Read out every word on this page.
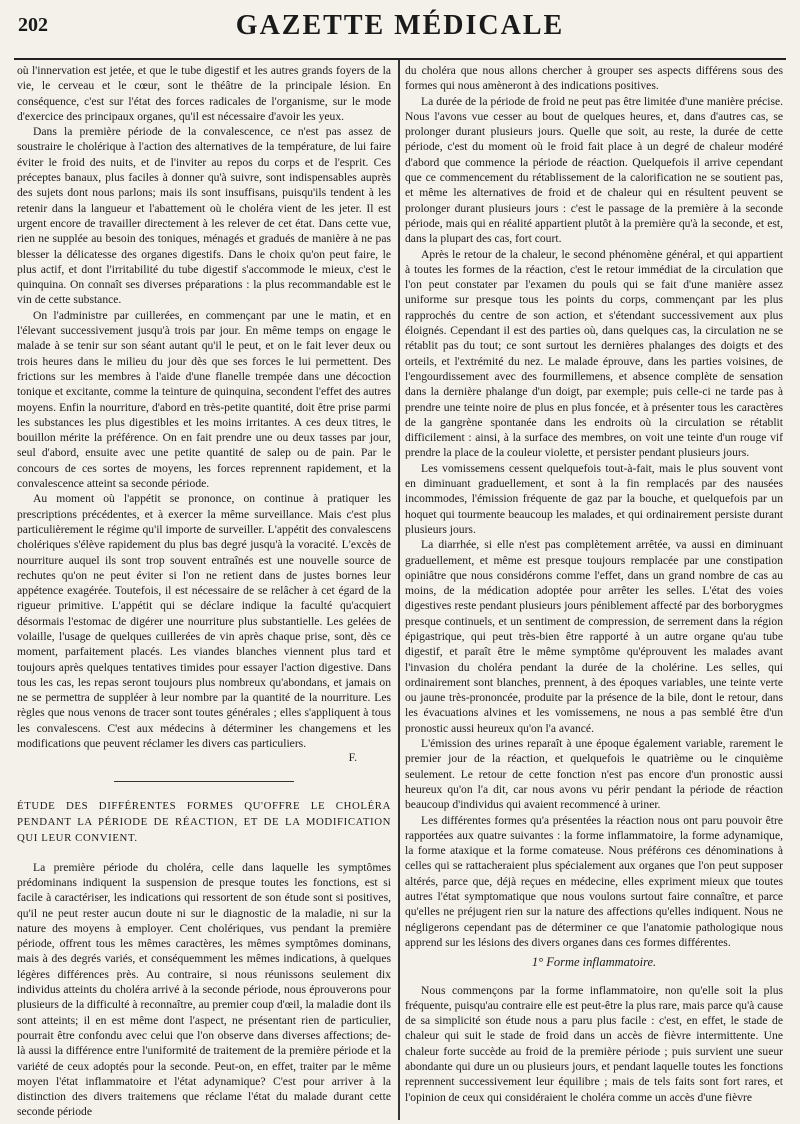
202	GAZETTE MÉDICALE

où l'innervation est jetée, et que le tube digestif et les autres grands foyers de la vie, le cerveau et le cœur, sont le théâtre de la principale lésion. En conséquence, c'est sur l'état des forces radicales de l'organisme, sur le mode d'exercice des principaux organes, qu'il est nécessaire d'avoir les yeux.

Dans la première période de la convalescence, ce n'est pas assez de soustraire le cholérique à l'action des alternatives de la température, de lui faire éviter le froid des nuits, et de l'inviter au repos du corps et de l'esprit. Ces préceptes banaux, plus faciles à donner qu'à suivre, sont indispensables auprès des sujets dont nous parlons; mais ils sont insuffisans, puisqu'ils tendent à les retenir dans la langueur et l'abattement où le choléra vient de les jeter. Il est urgent encore de travailler directement à les relever de cet état. Dans cette vue, rien ne supplée au besoin des toniques, ménagés et gradués de manière à ne pas blesser la délicatesse des organes digestifs. Dans le choix qu'on peut faire, le plus actif, et dont l'irritabilité du tube digestif s'accommode le mieux, c'est le quinquina. On connaît ses diverses préparations : la plus recommandable est le vin de cette substance.

On l'administre par cuillerées, en commençant par une le matin, et en l'élevant successivement jusqu'à trois par jour. En même temps on engage le malade à se tenir sur son séant autant qu'il le peut, et on le fait lever deux ou trois heures dans le milieu du jour dès que ses forces le lui permettent. Des frictions sur les membres à l'aide d'une flanelle trempée dans une décoction tonique et excitante, comme la teinture de quinquina, secondent l'effet des autres moyens. Enfin la nourriture, d'abord en très-petite quantité, doit être prise parmi les substances les plus digestibles et les moins irritantes. A ces deux titres, le bouillon mérite la préférence. On en fait prendre une ou deux tasses par jour, seul d'abord, ensuite avec une petite quantité de salep ou de pain. Par le concours de ces sortes de moyens, les forces reprennent rapidement, et la convalescence atteint sa seconde période.

Au moment où l'appétit se prononce, on continue à pratiquer les prescriptions précédentes, et à exercer la même surveillance. Mais c'est plus particulièrement le régime qu'il importe de surveiller. L'appétit des convalescens cholériques s'élève rapidement du plus bas degré jusqu'à la voracité. L'excès de nourriture auquel ils sont trop souvent entraînés est une nouvelle source de rechutes qu'on ne peut éviter si l'on ne retient dans de justes bornes leur appétence exagérée. Toutefois, il est nécessaire de se relâcher à cet égard de la rigueur primitive. L'appétit qui se déclare indique la faculté qu'acquiert désormais l'estomac de digérer une nourriture plus substantielle. Les gelées de volaille, l'usage de quelques cuillerées de vin après chaque prise, sont, dès ce moment, parfaitement placés. Les viandes blanches viennent plus tard et toujours après quelques tentatives timides pour essayer l'action digestive. Dans tous les cas, les repas seront toujours plus nombreux qu'abondans, et jamais on ne se permettra de suppléer à leur nombre par la quantité de la nourriture. Les règles que nous venons de tracer sont toutes générales ; elles s'appliquent à tous les convalescens. C'est aux médecins à déterminer les changemens et les modifications que peuvent réclamer les divers cas particuliers.

F.

ÉTUDE DES DIFFÉRENTES FORMES QU'OFFRE LE CHOLÉRA PENDANT LA PÉRIODE DE RÉACTION, ET DE LA MODIFICATION QUI LEUR CONVIENT.

La première période du choléra, celle dans laquelle les symptômes prédominans indiquent la suspension de presque toutes les fonctions, est si facile à caractériser, les indications qui ressortent de son étude sont si positives, qu'il ne peut rester aucun doute ni sur le diagnostic de la maladie, ni sur la nature des moyens à employer. Cent cholériques, vus pendant la première période, offrent tous les mêmes caractères, les mêmes symptômes dominans, mais à des degrés variés, et conséquemment les mêmes indications, à quelques légères différences près. Au contraire, si nous réunissons seulement dix individus atteints du choléra arrivé à la seconde période, nous éprouverons pour plusieurs de la difficulté à reconnaître, au premier coup d'œil, la maladie dont ils sont atteints; il en est même dont l'aspect, ne présentant rien de particulier, pourrait être confondu avec celui que l'on observe dans diverses affections; de-là aussi la différence entre l'uniformité de traitement de la première période et la variété de ceux adoptés pour la seconde. Peut-on, en effet, traiter par le même moyen l'état inflammatoire et l'état adynamique? C'est pour arriver à la distinction des divers traitemens que réclame l'état du malade durant cette seconde période

du choléra que nous allons chercher à grouper ses aspects différens sous des formes qui nous amèneront à des indications positives.

La durée de la période de froid ne peut pas être limitée d'une manière précise. Nous l'avons vue cesser au bout de quelques heures, et, dans d'autres cas, se prolonger durant plusieurs jours. Quelle que soit, au reste, la durée de cette période, c'est du moment où le froid fait place à un degré de chaleur modéré d'abord que commence la période de réaction. Quelquefois il arrive cependant que ce commencement du rétablissement de la calorification ne se soutient pas, et même les alternatives de froid et de chaleur qui en résultent peuvent se prolonger durant plusieurs jours : c'est le passage de la première à la seconde période, mais qui en réalité appartient plutôt à la première qu'à la seconde, et est, dans la plupart des cas, fort court.

Après le retour de la chaleur, le second phénomène général, et qui appartient à toutes les formes de la réaction, c'est le retour immédiat de la circulation que l'on peut constater par l'examen du pouls qui se fait d'une manière assez uniforme sur presque tous les points du corps, commençant par les plus rapprochés du centre de son action, et s'étendant successivement aux plus éloignés. Cependant il est des parties où, dans quelques cas, la circulation ne se rétablit pas du tout; ce sont surtout les dernières phalanges des doigts et des orteils, et l'extrémité du nez. Le malade éprouve, dans les parties voisines, de l'engourdissement avec des fourmillemens, et absence complète de sensation dans la dernière phalange d'un doigt, par exemple; puis celle-ci ne tarde pas à prendre une teinte noire de plus en plus foncée, et à présenter tous les caractères de la gangrène spontanée dans les endroits où la circulation se rétablit difficilement : ainsi, à la surface des membres, on voit une teinte d'un rouge vif prendre la place de la couleur violette, et persister pendant plusieurs jours.

Les vomissemens cessent quelquefois tout-à-fait, mais le plus souvent vont en diminuant graduellement, et sont à la fin remplacés par des nausées incommodes, l'émission fréquente de gaz par la bouche, et quelquefois par un hoquet qui tourmente beaucoup les malades, et qui ordinairement persiste durant plusieurs jours.

La diarrhée, si elle n'est pas complètement arrêtée, va aussi en diminuant graduellement, et même est presque toujours remplacée par une constipation opiniâtre que nous considérons comme l'effet, dans un grand nombre de cas au moins, de la médication adoptée pour arrêter les selles. L'état des voies digestives reste pendant plusieurs jours péniblement affecté par des borborygmes presque continuels, et un sentiment de compression, de serrement dans la région épigastrique, qui peut très-bien être rapporté à un autre organe qu'au tube digestif, et paraît être le même symptôme qu'éprouvent les malades avant l'invasion du choléra pendant la durée de la cholérine. Les selles, qui ordinairement sont blanches, prennent, à des époques variables, une teinte verte ou jaune très-prononcée, produite par la présence de la bile, dont le retour, dans les évacuations alvines et les vomissemens, ne nous a pas semblé être d'un pronostic aussi heureux qu'on l'a avancé.

L'émission des urines reparaît à une époque également variable, rarement le premier jour de la réaction, et quelquefois le quatrième ou le cinquième seulement. Le retour de cette fonction n'est pas encore d'un pronostic aussi heureux qu'on l'a dit, car nous avons vu périr pendant la période de réaction beaucoup d'individus qui avaient recommencé à uriner.

Les différentes formes qu'a présentées la réaction nous ont paru pouvoir être rapportées aux quatre suivantes : la forme inflammatoire, la forme adynamique, la forme ataxique et la forme comateuse. Nous préférons ces dénominations à celles qui se rattacheraient plus spécialement aux organes que l'on peut supposer altérés, parce que, déjà reçues en médecine, elles expriment mieux que toutes autres l'état symptomatique que nous voulons surtout faire connaître, et parce qu'elles ne préjugent rien sur la nature des affections qu'elles indiquent. Nous ne négligerons cependant pas de déterminer ce que l'anatomie pathologique nous apprend sur les lésions des divers organes dans ces formes différentes.

1° Forme inflammatoire.

Nous commençons par la forme inflammatoire, non qu'elle soit la plus fréquente, puisqu'au contraire elle est peut-être la plus rare, mais parce qu'à cause de sa simplicité son étude nous a paru plus facile : c'est, en effet, le stade de chaleur qui suit le stade de froid dans un accès de fièvre intermittente. Une chaleur forte succède au froid de la première période ; puis survient une sueur abondante qui dure un ou plusieurs jours, et pendant laquelle toutes les fonctions reprennent successivement leur équilibre ; mais de tels faits sont fort rares, et l'opinion de ceux qui considéraient le choléra comme un accès d'une fièvre
